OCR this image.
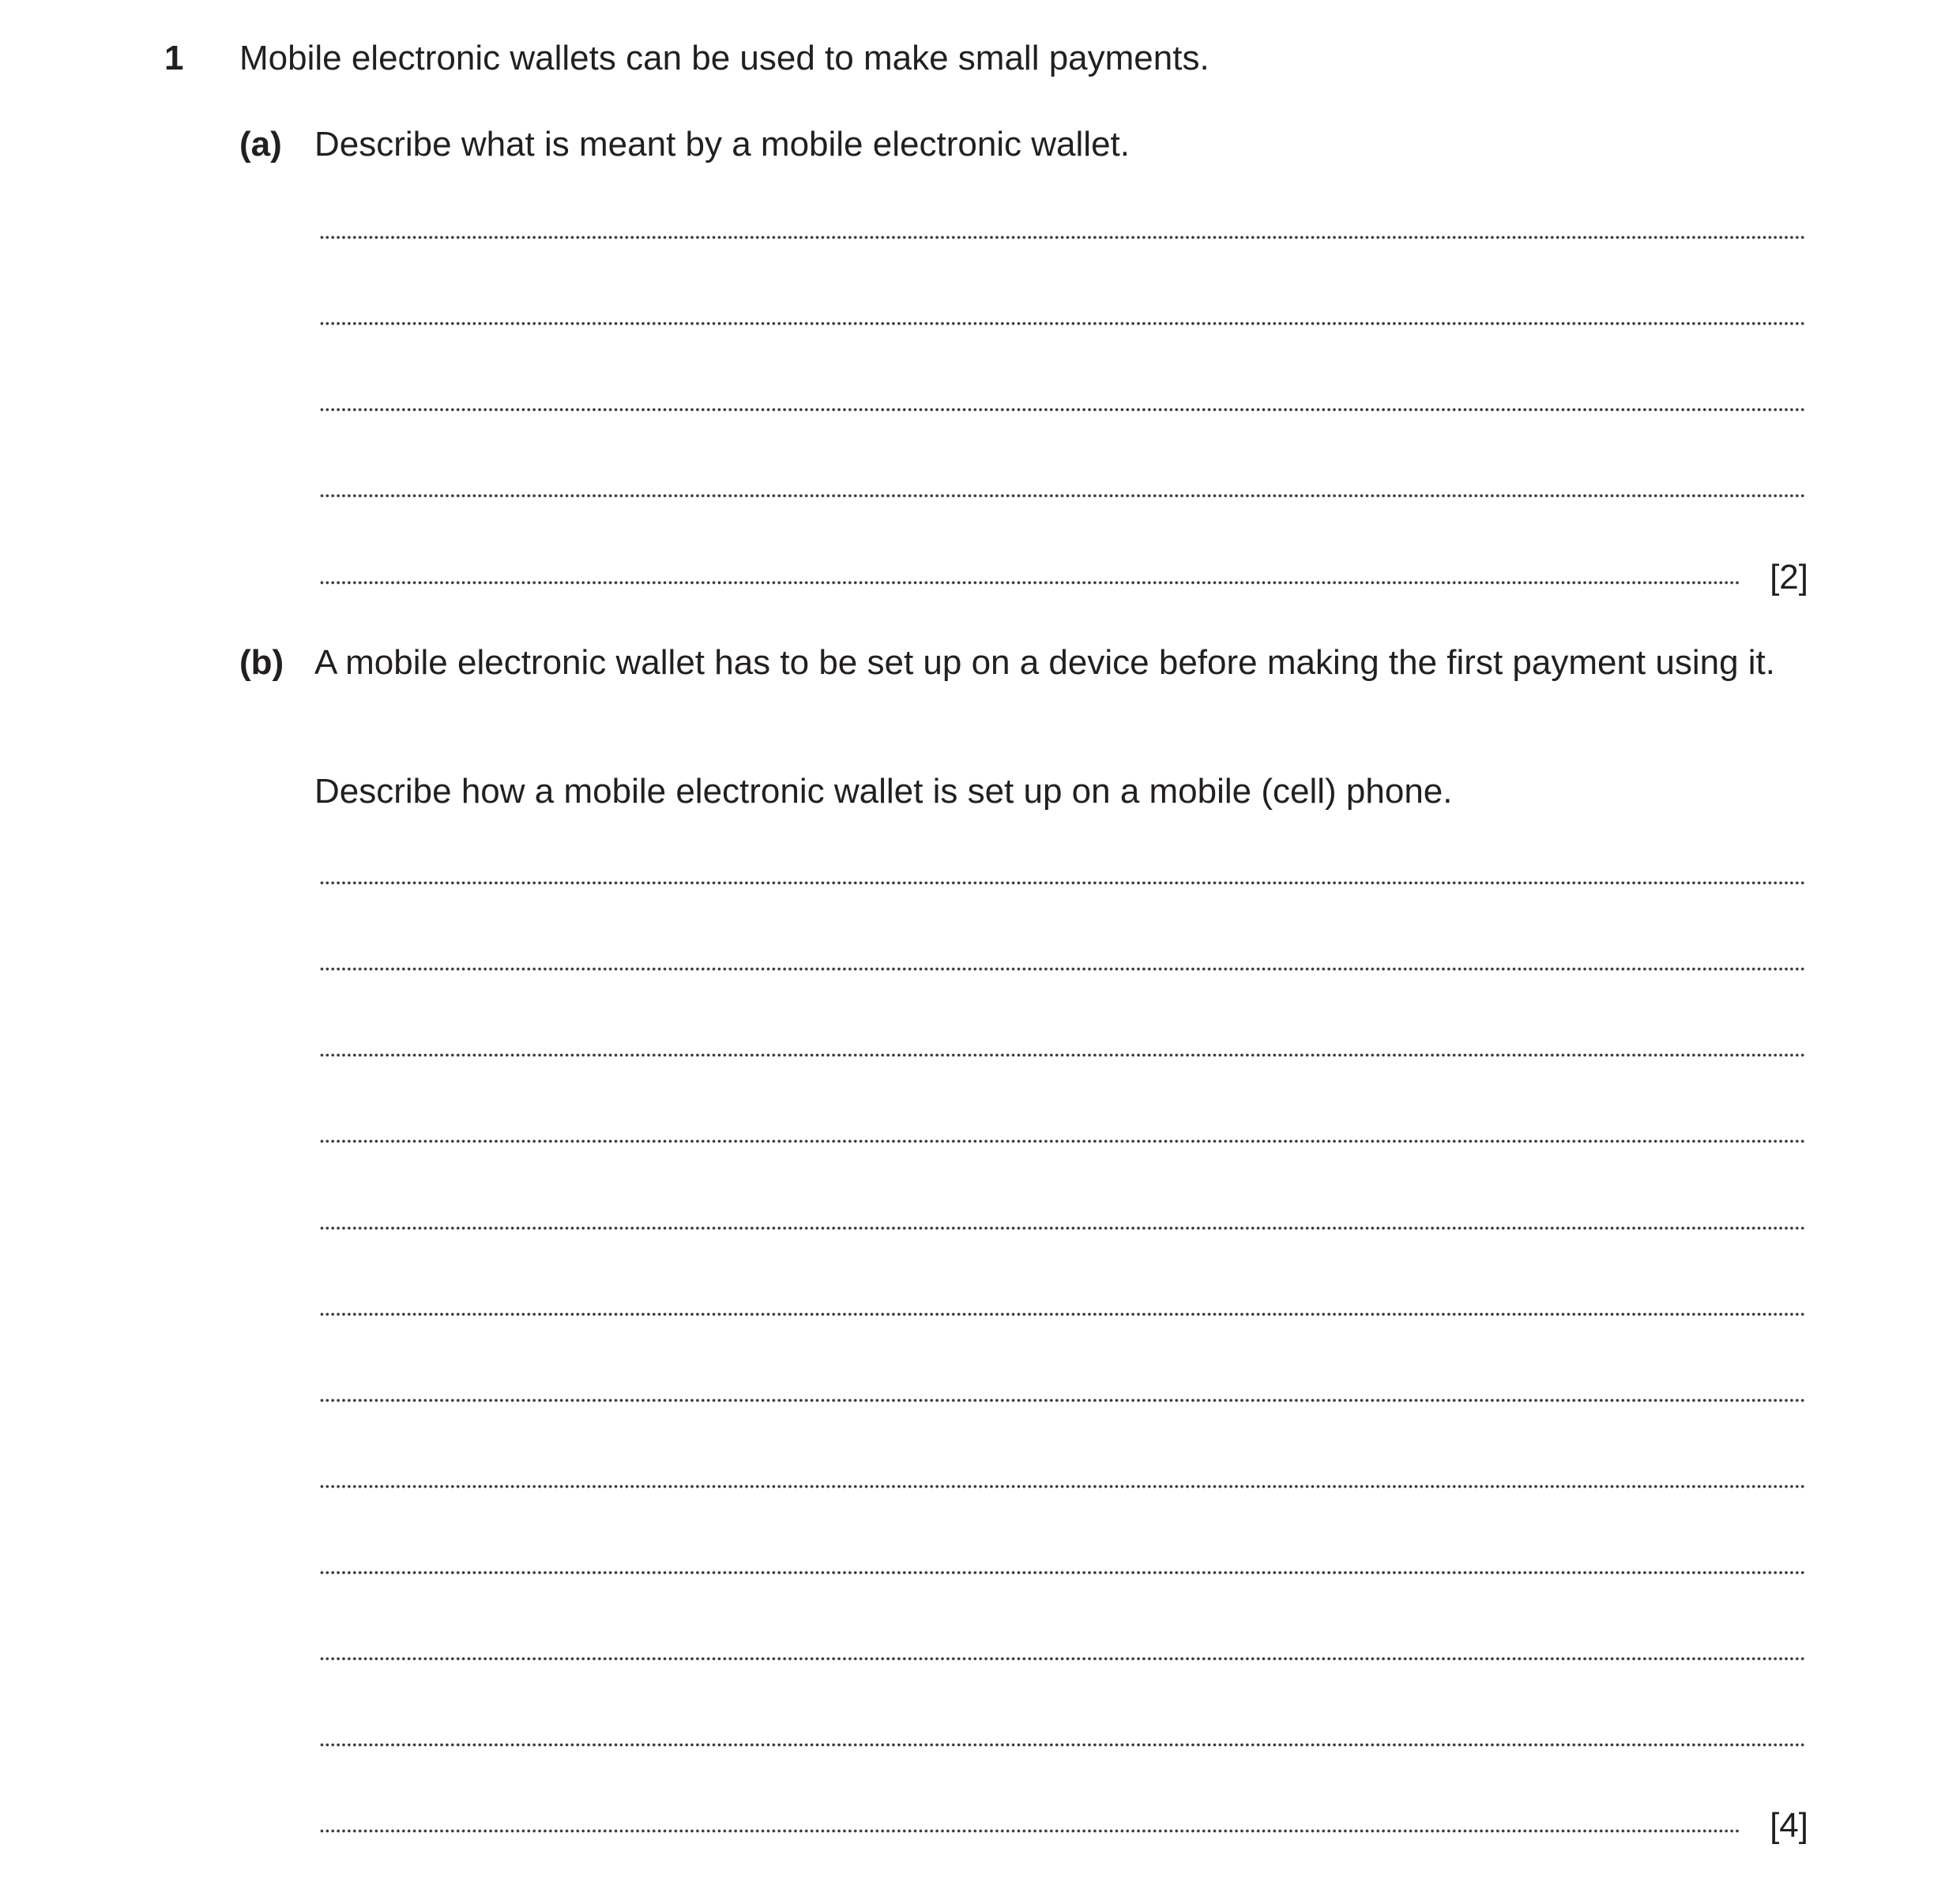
1 Mobile electronic wallets can be used to make small payments.
(a) Describe what is meant by a mobile electronic wallet.
[2]
(b) A mobile electronic wallet has to be set up on a device before making the first payment using it.
Describe how a mobile electronic wallet is set up on a mobile (cell) phone.
[4]
